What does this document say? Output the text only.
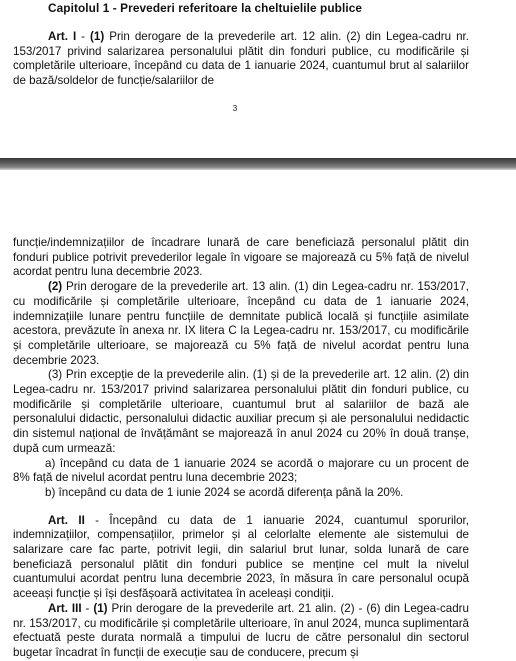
Capitolul 1 - Prevederi referitoare la cheltuielile publice

Art. I - (1) Prin derogare de la prevederile art. 12 alin. (2) din Legea-cadru nr. 153/2017 privind salarizarea personalului plătit din fonduri publice, cu modificările și completările ulterioare, începând cu data de 1 ianuarie 2024, cuantumul brut al salariilor de bază/soldelor de funcție/salariilor de

3

funcție/indemnizațiilor de încadrare lunară de care beneficiază personalul plătit din fonduri publice potrivit prevederilor legale în vigoare se majorează cu 5% față de nivelul acordat pentru luna decembrie 2023.

(2) Prin derogare de la prevederile art. 13 alin. (1) din Legea-cadru nr. 153/2017, cu modificările și completările ulterioare, începând cu data de 1 ianuarie 2024, indemnizațiile lunare pentru funcțiile de demnitate publică locală și funcțiile asimilate acestora, prevăzute în anexa nr. IX litera C la Legea-cadru nr. 153/2017, cu modificările și completările ulterioare, se majorează cu 5% față de nivelul acordat pentru luna decembrie 2023.

(3) Prin excepție de la prevederile alin. (1) și de la prevederile art. 12 alin. (2) din Legea-cadru nr. 153/2017 privind salarizarea personalului plătit din fonduri publice, cu modificările și completările ulterioare, cuantumul brut al salariilor de bază ale personalului didactic, personalului didactic auxiliar precum și ale personalului nedidactic din sistemul național de învățământ se majorează în anul 2024 cu 20% în două tranșe, după cum urmează:

a) începând cu data de 1 ianuarie 2024 se acordă o majorare cu un procent de 8% față de nivelul acordat pentru luna decembrie 2023;

b) începând cu data de 1 iunie 2024 se acordă diferența până la 20%.

Art. II - Începând cu data de 1 ianuarie 2024, cuantumul sporurilor, indemnizațiilor, compensațiilor, primelor și al celorlalte elemente ale sistemului de salarizare care fac parte, potrivit legii, din salariul brut lunar, solda lunară de care beneficiază personalul plătit din fonduri publice se menține cel mult la nivelul cuantumului acordat pentru luna decembrie 2023, în măsura în care personalul ocupă aceeași funcție și își desfășoară activitatea în aceleași condiții.

Art. III - (1) Prin derogare de la prevederile art. 21 alin. (2) - (6) din Legea-cadru nr. 153/2017, cu modificările și completările ulterioare, în anul 2024, munca suplimentară efectuată peste durata normală a timpului de lucru de către personalul din sectorul bugetar încadrat în funcții de execuție sau de conducere, precum și
